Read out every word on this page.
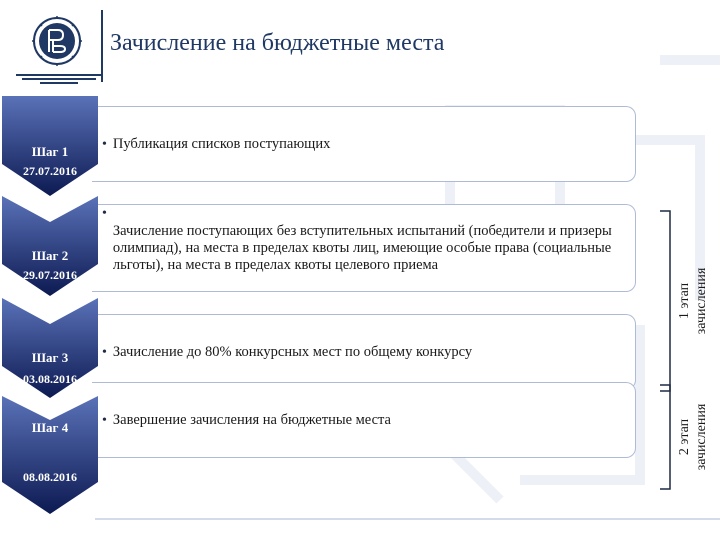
Зачисление на бюджетные места
• Публикация списков поступающих
Шаг 1
27.07.2016
•
Зачисление поступающих без вступительных испытаний (победители и призеры олимпиад), на места в пределах квоты лиц, имеющие особые права (социальные льготы), на места в пределах квоты целевого приема
Шаг 2
29.07.2016
• Зачисление до 80% конкурсных мест по общему конкурсу
Шаг 3
03.08.2016
• Завершение зачисления на бюджетные места
Шаг 4
08.08.2016
1 этап зачисления
2 этап зачисления
